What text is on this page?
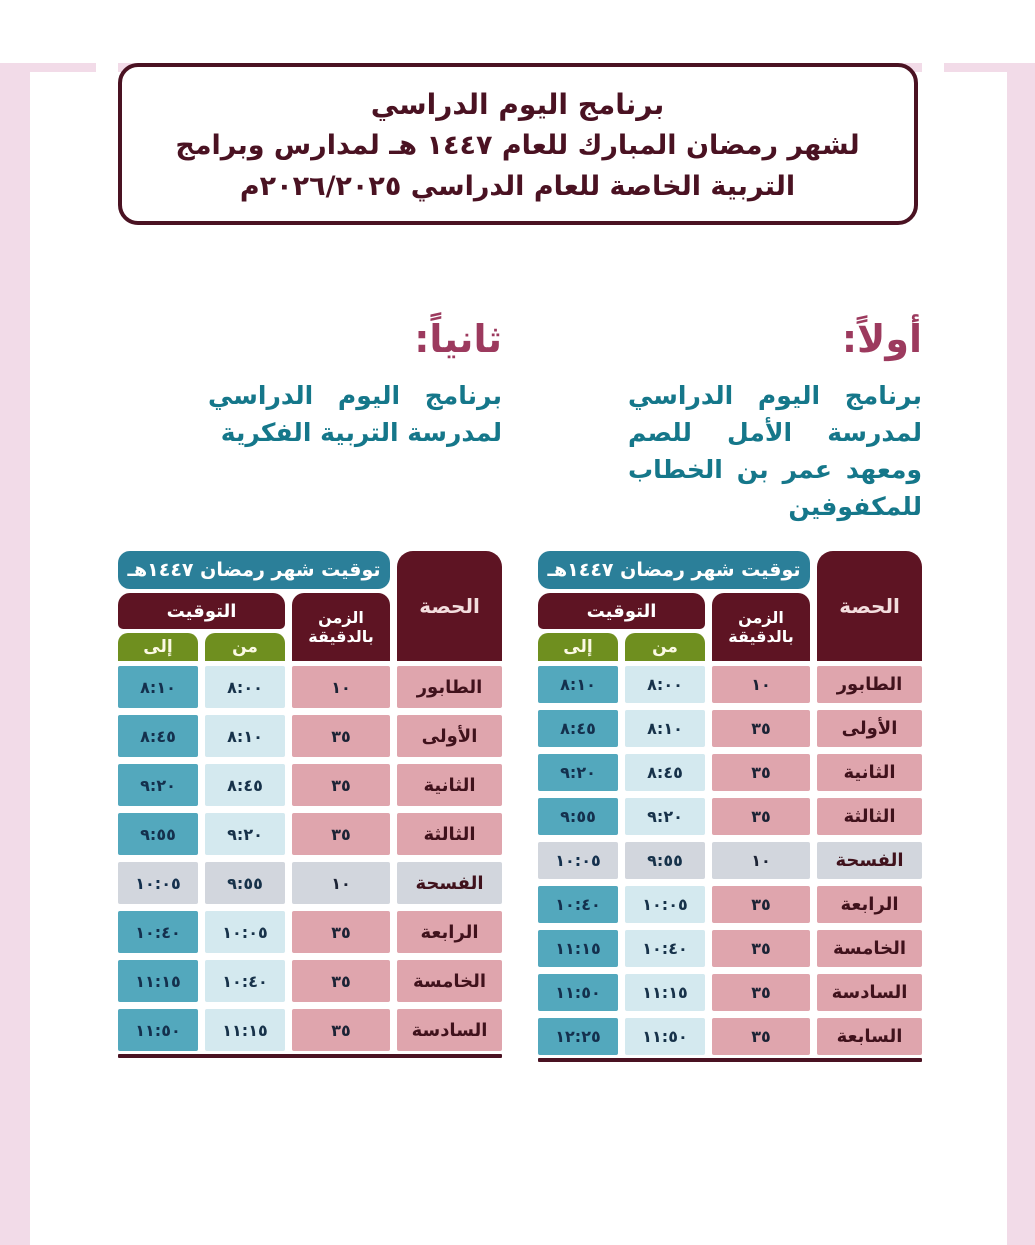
برنامج اليوم الدراسي
لشهر رمضان المبارك للعام ١٤٤٧ هـ لمدارس وبرامج
التربية الخاصة للعام الدراسي ٢٠٢٦/٢٠٢٥م
أولاً:
برنامج اليوم الدراسي لمدرسة الأمل للصم ومعهد عمر بن الخطاب للمكفوفين
ثانياً:
برنامج اليوم الدراسي لمدرسة التربية الفكرية
الحصة
توقيت شهر رمضان ١٤٤٧هـ
الزمن
بالدقيقة
التوقيت
من
إلى
الطابور
١٠
٨:٠٠
٨:١٠
الأولى
٣٥
٨:١٠
٨:٤٥
الثانية
٣٥
٨:٤٥
٩:٢٠
الثالثة
٣٥
٩:٢٠
٩:٥٥
الفسحة
١٠
٩:٥٥
١٠:٠٥
الرابعة
٣٥
١٠:٠٥
١٠:٤٠
الخامسة
٣٥
١٠:٤٠
١١:١٥
السادسة
٣٥
١١:١٥
١١:٥٠
السابعة
٣٥
١١:٥٠
١٢:٢٥
الحصة
توقيت شهر رمضان ١٤٤٧هـ
الزمن
بالدقيقة
التوقيت
من
إلى
الطابور
١٠
٨:٠٠
٨:١٠
الأولى
٣٥
٨:١٠
٨:٤٥
الثانية
٣٥
٨:٤٥
٩:٢٠
الثالثة
٣٥
٩:٢٠
٩:٥٥
الفسحة
١٠
٩:٥٥
١٠:٠٥
الرابعة
٣٥
١٠:٠٥
١٠:٤٠
الخامسة
٣٥
١٠:٤٠
١١:١٥
السادسة
٣٥
١١:١٥
١١:٥٠
